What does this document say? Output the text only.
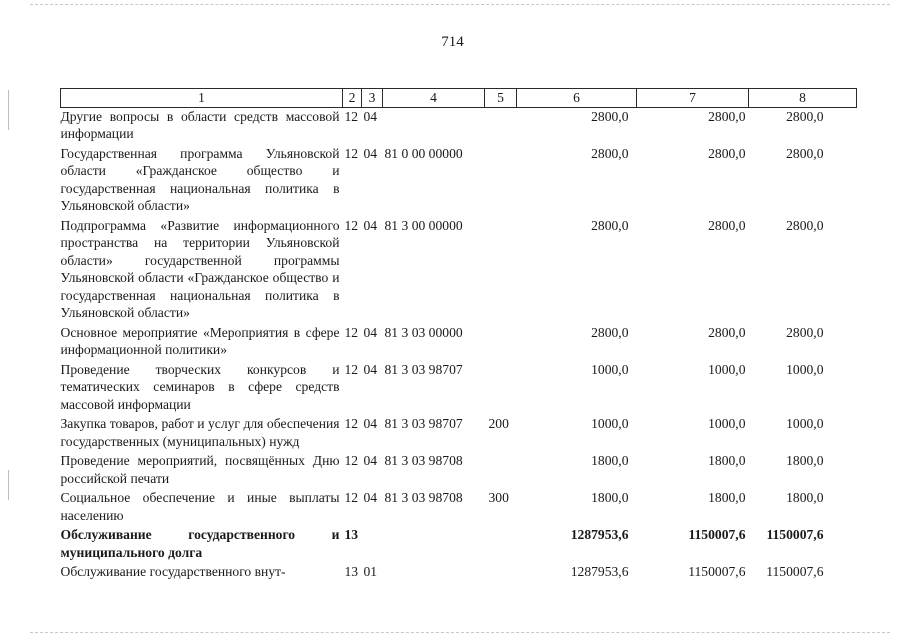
714
1	2	3	4	5	6	7	8
Другие вопросы в области средств массовой информации	12	04			2800,0	2800,0	2800,0
Государственная программа Ульяновской области «Гражданское общество и государственная национальная политика в Ульяновской области»	12	04	81 0 00 00000		2800,0	2800,0	2800,0
Подпрограмма «Развитие информационного пространства на территории Ульяновской области» государственной программы Ульяновской области «Гражданское общество и государственная национальная политика в Ульяновской области»	12	04	81 3 00 00000		2800,0	2800,0	2800,0
Основное мероприятие «Мероприятия в сфере информационной политики»	12	04	81 3 03 00000		2800,0	2800,0	2800,0
Проведение творческих конкурсов и тематических семинаров в сфере средств массовой информации	12	04	81 3 03 98707		1000,0	1000,0	1000,0
Закупка товаров, работ и услуг для обеспечения государственных (муниципальных) нужд	12	04	81 3 03 98707	200	1000,0	1000,0	1000,0
Проведение мероприятий, посвящённых Дню российской печати	12	04	81 3 03 98708		1800,0	1800,0	1800,0
Социальное обеспечение и иные выплаты населению	12	04	81 3 03 98708	300	1800,0	1800,0	1800,0
Обслуживание государственного и муниципального долга	13				1287953,6	1150007,6	1150007,6
Обслуживание государственного внут-	13	01			1287953,6	1150007,6	1150007,6
